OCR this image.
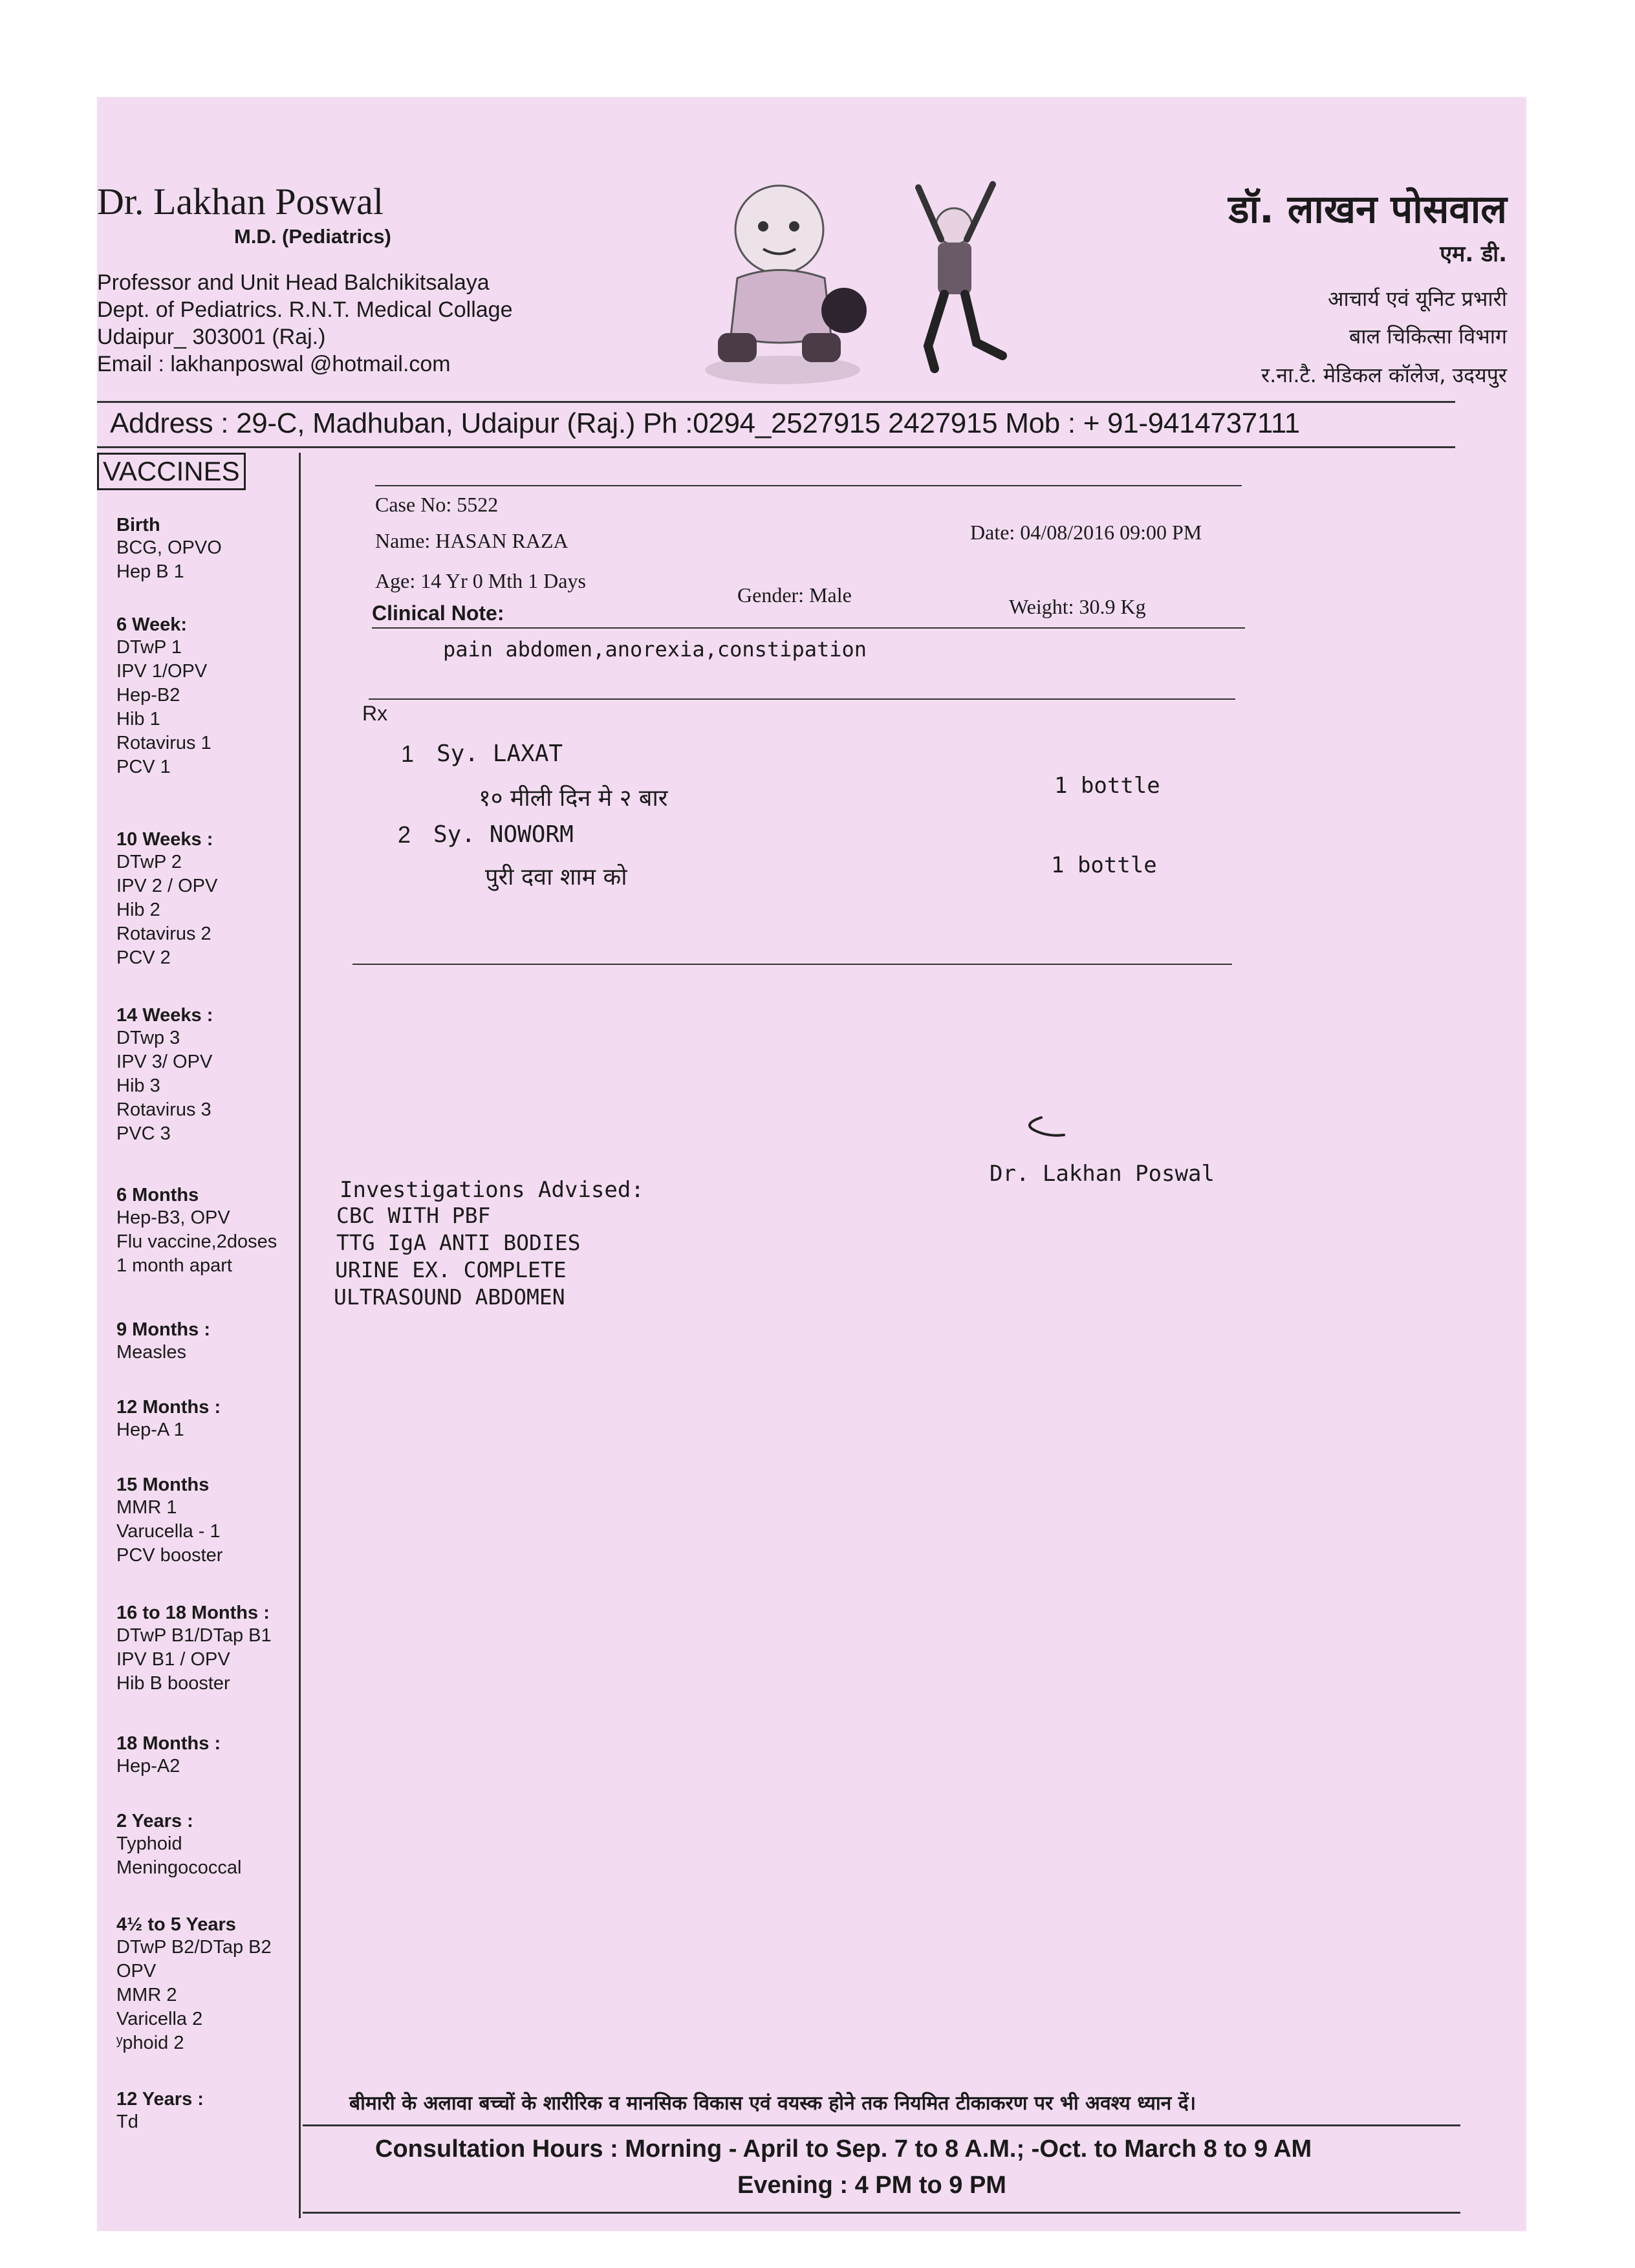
Dr. Lakhan Poswal
M.D. (Pediatrics)
Professor and Unit Head Balchikitsalaya
Dept. of Pediatrics. R.N.T. Medical Collage
Udaipur_ 303001 (Raj.)
Email : lakhanposwal @hotmail.com
डॉ. लाखन पोसवाल
एम. डी.
आचार्य एवं यूनिट प्रभारी
बाल चिकित्सा विभाग
र.ना.टै. मेडिकल कॉलेज, उदयपुर
Address : 29-C, Madhuban, Udaipur (Raj.) Ph :0294_2527915 2427915 Mob : + 91-9414737111
VACCINES
Birth
BCG, OPVO
Hep B 1
6 Week:
DTwP 1
IPV 1/OPV
Hep-B2
Hib 1
Rotavirus 1
PCV 1
10 Weeks :
DTwP 2
IPV 2 / OPV
Hib 2
Rotavirus 2
PCV 2
14 Weeks :
DTwp 3
IPV 3/ OPV
Hib 3
Rotavirus 3
PVC 3
6 Months
Hep-B3, OPV
Flu vaccine,2doses
1 month apart
9 Months :
Measles
12 Months :
Hep-A 1
15 Months
MMR 1
Varucella - 1
PCV booster
16 to 18 Months :
DTwP B1/DTap B1
IPV B1 / OPV
Hib B booster
18 Months :
Hep-A2
2 Years :
Typhoid
Meningococcal
4½ to 5 Years
DTwP B2/DTap B2
OPV
MMR 2
Varicella 2
ʸphoid 2
12 Years :
Td
Case No: 5522
Date: 04/08/2016 09:00 PM
Name: HASAN RAZA
Age: 14 Yr 0 Mth 1 Days
Gender: Male	Weight: 30.9 Kg
Clinical Note:
pain abdomen,anorexia,constipation
Rx
1 Sy. LAXAT
१० मीली दिन मे २ बार	1 bottle
2 Sy. NOWORM
पुरी दवा शाम को	1 bottle
Dr. Lakhan Poswal
Investigations Advised:
CBC WITH PBF
TTG IgA ANTI BODIES
URINE EX. COMPLETE
ULTRASOUND ABDOMEN
बीमारी के अलावा बच्चों के शारीरिक व मानसिक विकास एवं वयस्क होने तक नियमित टीकाकरण पर भी अवश्य ध्यान दें।
Consultation Hours : Morning - April to Sep. 7 to 8 A.M.; -Oct. to March 8 to 9 AM
Evening : 4 PM to 9 PM
